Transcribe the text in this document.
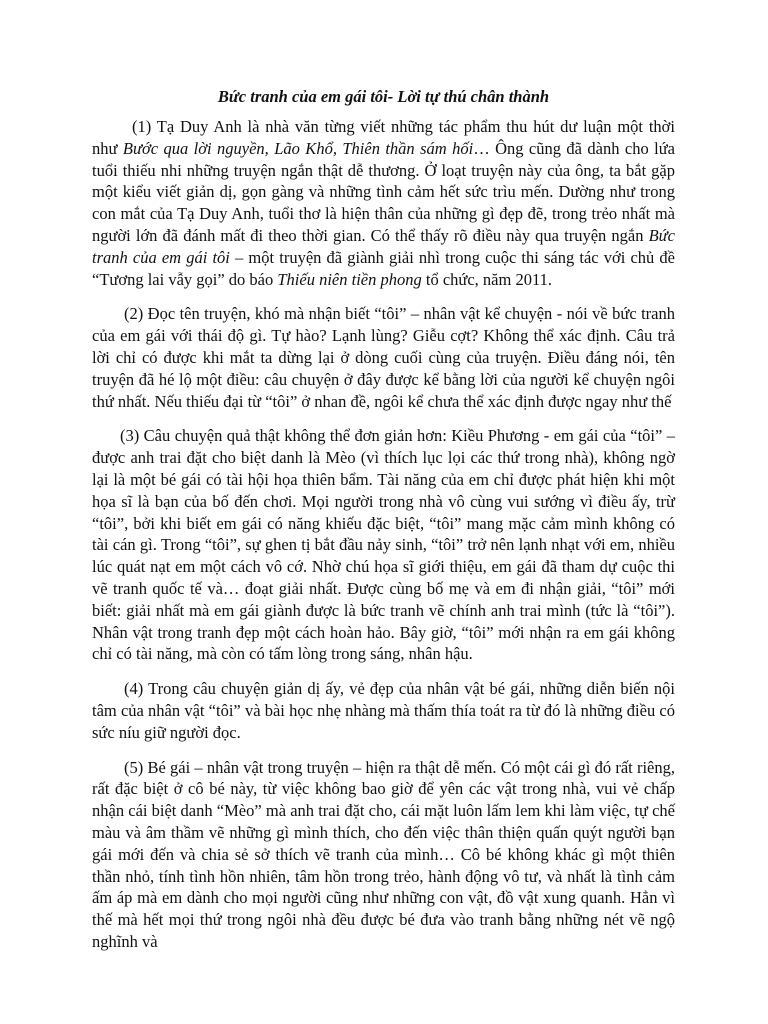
Bức tranh của em gái tôi- Lời tự thú chân thành

(1) Tạ Duy Anh là nhà văn từng viết những tác phẩm thu hút dư luận một thời như Bước qua lời nguyền, Lão Khổ, Thiên thần sám hối… Ông cũng đã dành cho lứa tuổi thiếu nhi những truyện ngắn thật dễ thương. Ở loạt truyện này của ông, ta bắt gặp một kiểu viết giản dị, gọn gàng và những tình cảm hết sức trìu mến. Dường như trong con mắt của Tạ Duy Anh, tuổi thơ là hiện thân của những gì đẹp đẽ, trong trẻo nhất mà người lớn đã đánh mất đi theo thời gian. Có thể thấy rõ điều này qua truyện ngắn Bức tranh của em gái tôi – một truyện đã giành giải nhì trong cuộc thi sáng tác với chủ đề “Tương lai vẫy gọi” do báo Thiếu niên tiền phong tổ chức, năm 2011.

(2) Đọc tên truyện, khó mà nhận biết “tôi” – nhân vật kể chuyện - nói về bức tranh của em gái với thái độ gì. Tự hào? Lạnh lùng? Giễu cợt? Không thể xác định. Câu trả lời chỉ có được khi mắt ta dừng lại ở dòng cuối cùng của truyện. Điều đáng nói, tên truyện đã hé lộ một điều: câu chuyện ở đây được kể bằng lời của người kể chuyện ngôi thứ nhất. Nếu thiếu đại từ “tôi” ở nhan đề, ngôi kể chưa thể xác định được ngay như thế

(3) Câu chuyện quả thật không thể đơn giản hơn: Kiều Phương - em gái của “tôi” – được anh trai đặt cho biệt danh là Mèo (vì thích lục lọi các thứ trong nhà), không ngờ lại là một bé gái có tài hội họa thiên bẩm. Tài năng của em chỉ được phát hiện khi một họa sĩ là bạn của bố đến chơi. Mọi người trong nhà vô cùng vui sướng vì điều ấy, trừ “tôi”, bởi khi biết em gái có năng khiếu đặc biệt, “tôi” mang mặc cảm mình không có tài cán gì. Trong “tôi”, sự ghen tị bắt đầu nảy sinh, “tôi” trở nên lạnh nhạt với em, nhiều lúc quát nạt em một cách vô cớ. Nhờ chú họa sĩ giới thiệu, em gái đã tham dự cuộc thi vẽ tranh quốc tế và… đoạt giải nhất. Được cùng bố mẹ và em đi nhận giải, “tôi” mới biết: giải nhất mà em gái giành được là bức tranh vẽ chính anh trai mình (tức là “tôi”). Nhân vật trong tranh đẹp một cách hoàn hảo. Bây giờ, “tôi” mới nhận ra em gái không chỉ có tài năng, mà còn có tấm lòng trong sáng, nhân hậu.

(4) Trong câu chuyện giản dị ấy, vẻ đẹp của nhân vật bé gái, những diễn biến nội tâm của nhân vật “tôi” và bài học nhẹ nhàng mà thấm thía toát ra từ đó là những điều có sức níu giữ người đọc.

(5) Bé gái – nhân vật trong truyện – hiện ra thật dễ mến. Có một cái gì đó rất riêng, rất đặc biệt ở cô bé này, từ việc không bao giờ để yên các vật trong nhà, vui vẻ chấp nhận cái biệt danh “Mèo” mà anh trai đặt cho, cái mặt luôn lấm lem khi làm việc, tự chế màu và âm thầm vẽ những gì mình thích, cho đến việc thân thiện quấn quýt người bạn gái mới đến và chia sẻ sở thích vẽ tranh của mình… Cô bé không khác gì một thiên thần nhỏ, tính tình hồn nhiên, tâm hồn trong trẻo, hành động vô tư, và nhất là tình cảm ấm áp mà em dành cho mọi người cũng như những con vật, đồ vật xung quanh. Hẳn vì thế mà hết mọi thứ trong ngôi nhà đều được bé đưa vào tranh bằng những nét vẽ ngộ nghĩnh và
